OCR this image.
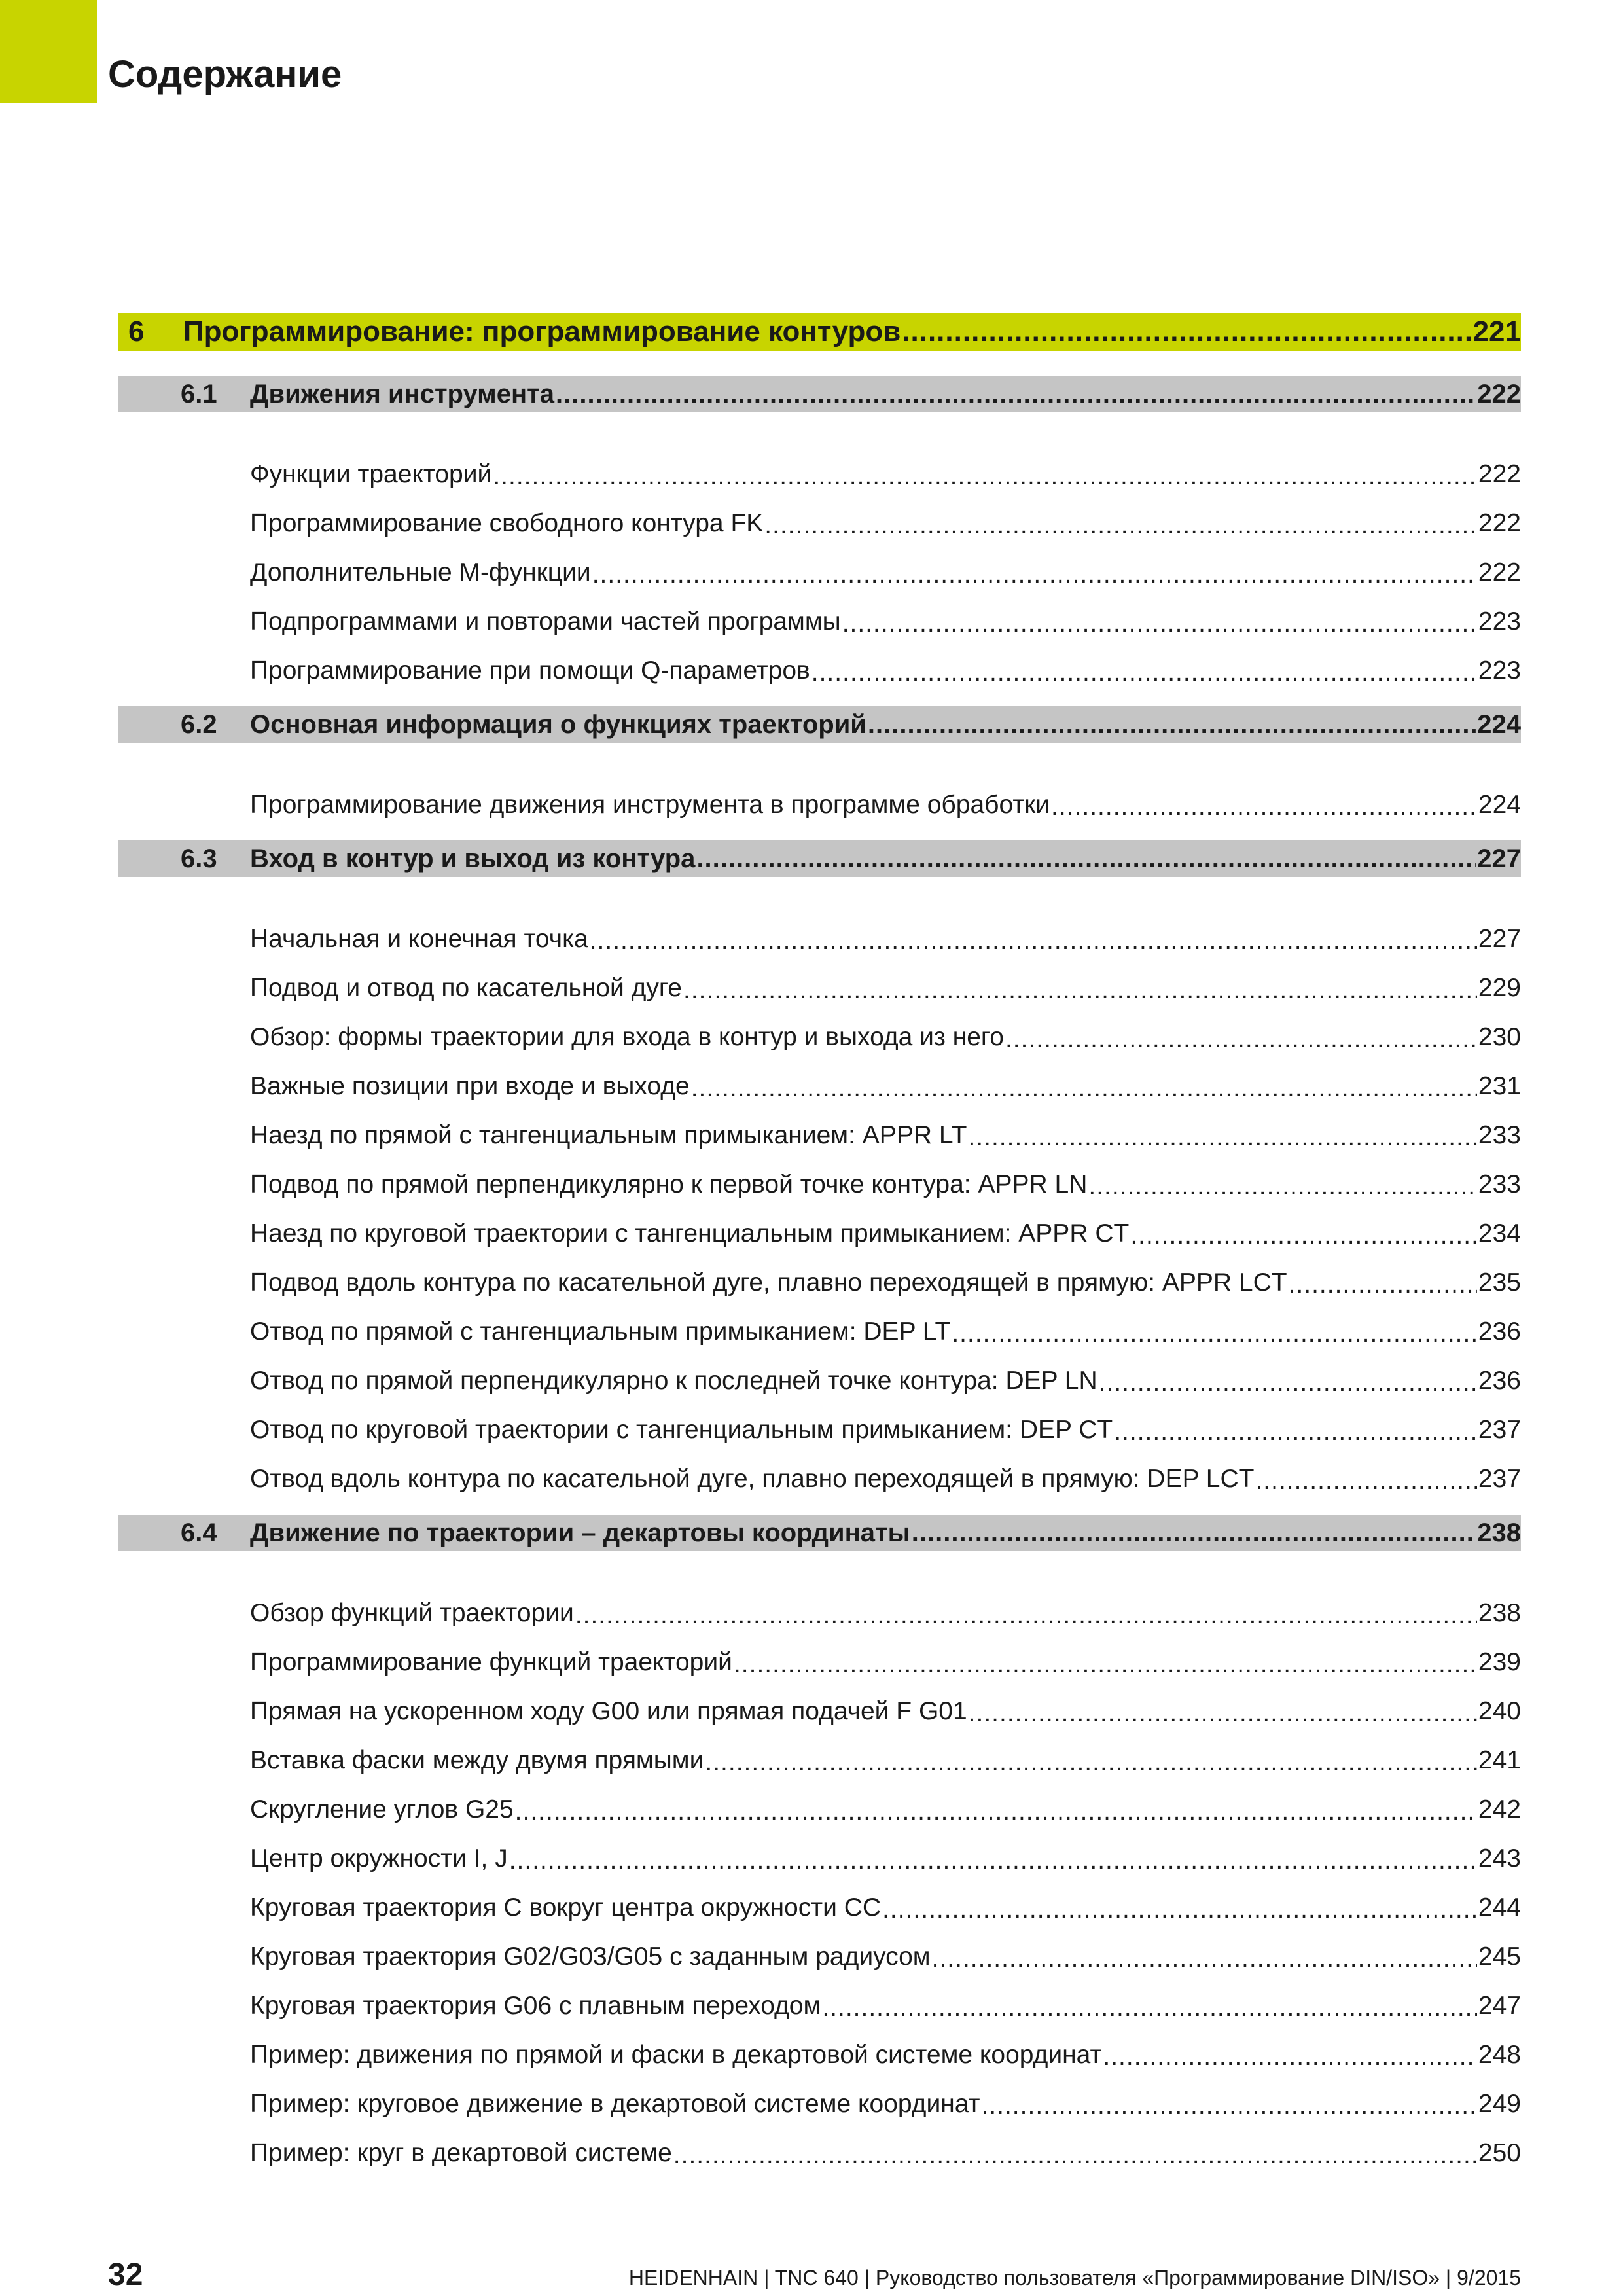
Содержание
6	Программирование: программирование контуров .....	221
6.1	Движения инструмента .....	222
Функции траекторий .....	222
Программирование свободного контура FK .....	222
Дополнительные М-функции .....	222
Подпрограммами и повторами частей программы .....	223
Программирование при помощи Q-параметров .....	223
6.2	Основная информация о функциях траекторий .....	224
Программирование движения инструмента в программе обработки .....	224
6.3	Вход в контур и выход из контура .....	227
Начальная и конечная точка .....	227
Подвод и отвод по касательной дуге .....	229
Обзор: формы траектории для входа в контур и выхода из него .....	230
Важные позиции при входе и выходе .....	231
Наезд по прямой с тангенциальным примыканием: APPR LT .....	233
Подвод по прямой перпендикулярно к первой точке контура: APPR LN .....	233
Наезд по круговой траектории с тангенциальным примыканием: APPR CT .....	234
Подвод вдоль контура по касательной дуге, плавно переходящей в прямую: APPR LCT .....	235
Отвод по прямой с тангенциальным примыканием: DEP LT .....	236
Отвод по прямой перпендикулярно к последней точке контура: DEP LN .....	236
Отвод по круговой траектории с тангенциальным примыканием: DEP CT .....	237
Отвод вдоль контура по касательной дуге, плавно переходящей в прямую: DEP LCT .....	237
6.4	Движение по траектории – декартовы координаты .....	238
Обзор функций траектории .....	238
Программирование функций траекторий .....	239
Прямая на ускоренном ходу G00 или прямая подачей F G01 .....	240
Вставка фаски между двумя прямыми .....	241
Скругление углов G25 .....	242
Центр окружности I, J .....	243
Круговая траектория C вокруг центра окружности CC .....	244
Круговая траектория G02/G03/G05 с заданным радиусом .....	245
Круговая траектория G06 с плавным переходом .....	247
Пример: движения по прямой и фаски в декартовой системе координат .....	248
Пример: круговое движение в декартовой системе координат .....	249
Пример: круг в декартовой системе .....	250
32	HEIDENHAIN | TNC 640 | Руководство пользователя «Программирование DIN/ISO» | 9/2015
